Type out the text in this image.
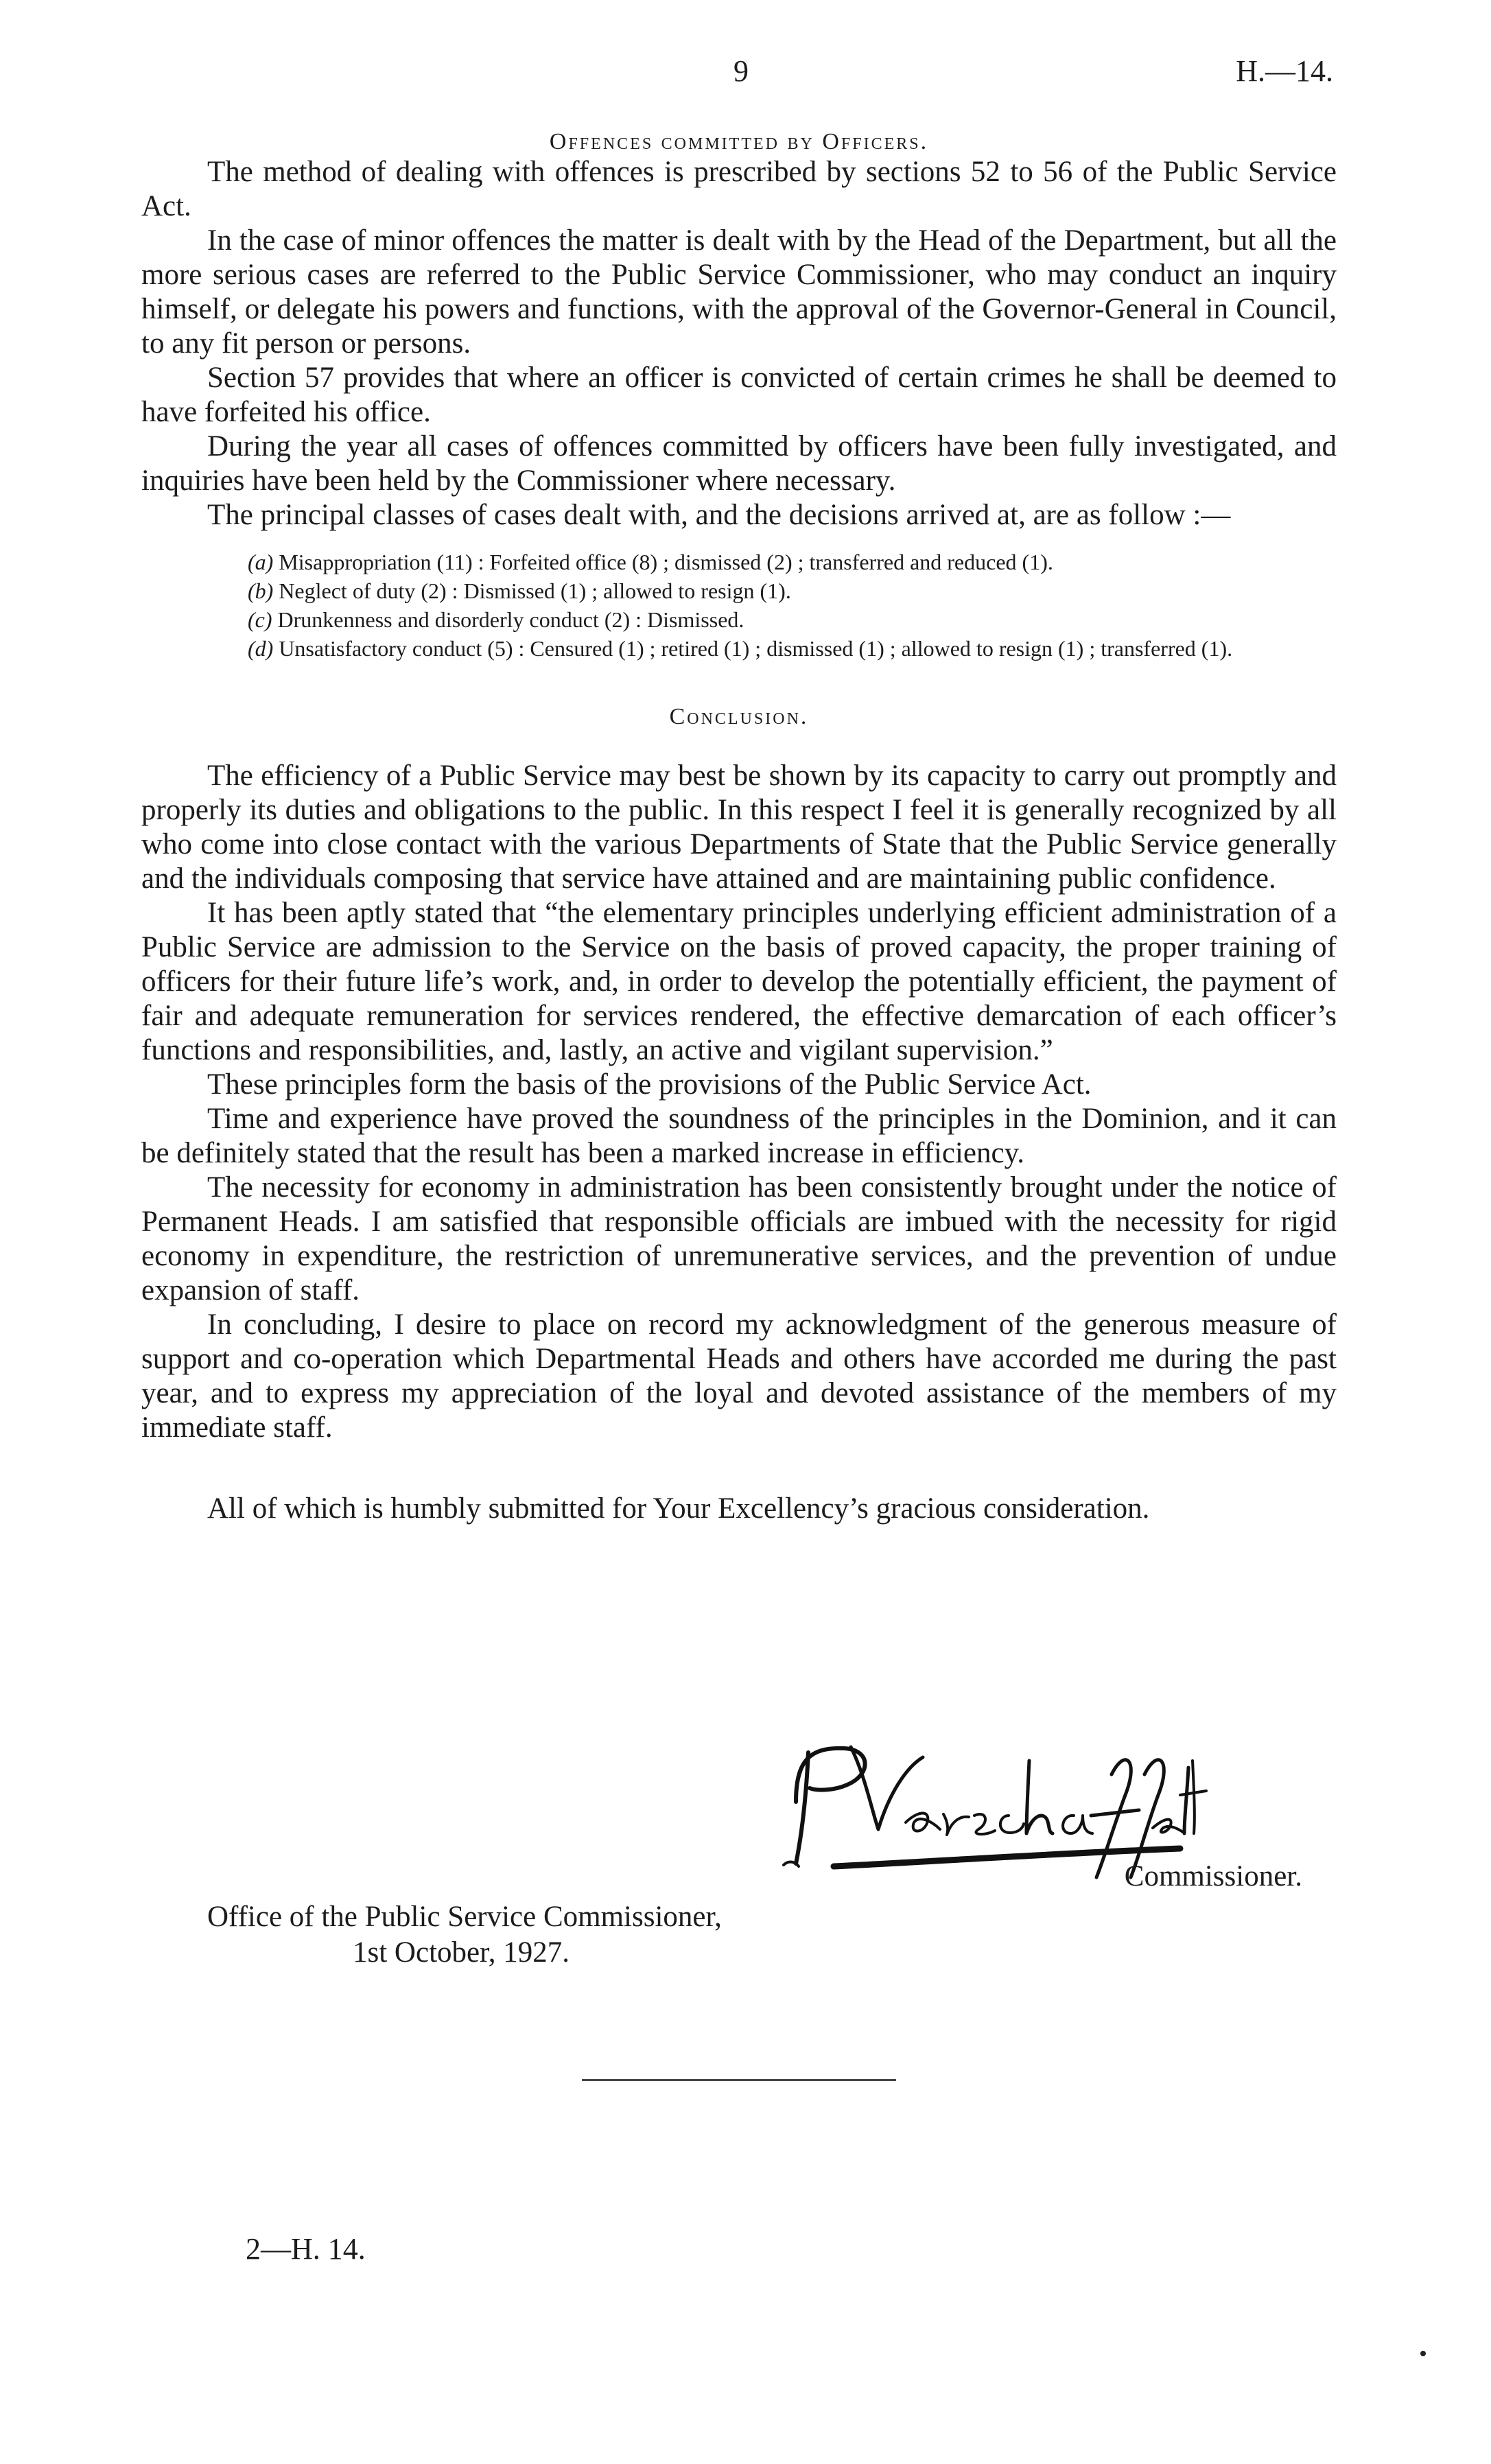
9	H.—14.

Offences committed by Officers.

The method of dealing with offences is prescribed by sections 52 to 56 of the Public Service Act.

In the case of minor offences the matter is dealt with by the Head of the Department, but all the more serious cases are referred to the Public Service Commissioner, who may conduct an inquiry himself, or delegate his powers and functions, with the approval of the Governor-General in Council, to any fit person or persons.

Section 57 provides that where an officer is convicted of certain crimes he shall be deemed to have forfeited his office.

During the year all cases of offences committed by officers have been fully investigated, and inquiries have been held by the Commissioner where necessary.

The principal classes of cases dealt with, and the decisions arrived at, are as follow :—

(a) Misappropriation (11) : Forfeited office (8) ; dismissed (2) ; transferred and reduced (1).

(b) Neglect of duty (2) : Dismissed (1) ; allowed to resign (1).

(c) Drunkenness and disorderly conduct (2) : Dismissed.

(d) Unsatisfactory conduct (5) : Censured (1) ; retired (1) ; dismissed (1) ; allowed to resign (1) ; transferred (1).

Conclusion.

The efficiency of a Public Service may best be shown by its capacity to carry out promptly and properly its duties and obligations to the public. In this respect I feel it is generally recognized by all who come into close contact with the various Departments of State that the Public Service generally and the individuals composing that service have attained and are maintaining public confidence.

It has been aptly stated that “the elementary principles underlying efficient administration of a Public Service are admission to the Service on the basis of proved capacity, the proper training of officers for their future life’s work, and, in order to develop the potentially efficient, the payment of fair and adequate remuneration for services rendered, the effective demarcation of each officer’s functions and responsibilities, and, lastly, an active and vigilant supervision.”

These principles form the basis of the provisions of the Public Service Act.

Time and experience have proved the soundness of the principles in the Dominion, and it can be definitely stated that the result has been a marked increase in efficiency.

The necessity for economy in administration has been consistently brought under the notice of Permanent Heads. I am satisfied that responsible officials are imbued with the necessity for rigid economy in expenditure, the restriction of unremunerative services, and the prevention of undue expansion of staff.

In concluding, I desire to place on record my acknowledgment of the generous measure of support and co-operation which Departmental Heads and others have accorded me during the past year, and to express my appreciation of the loyal and devoted assistance of the members of my immediate staff.

All of which is humbly submitted for Your Excellency’s gracious consideration.

Commissioner.
Office of the Public Service Commissioner,
1st October, 1927.
2—H. 14.
